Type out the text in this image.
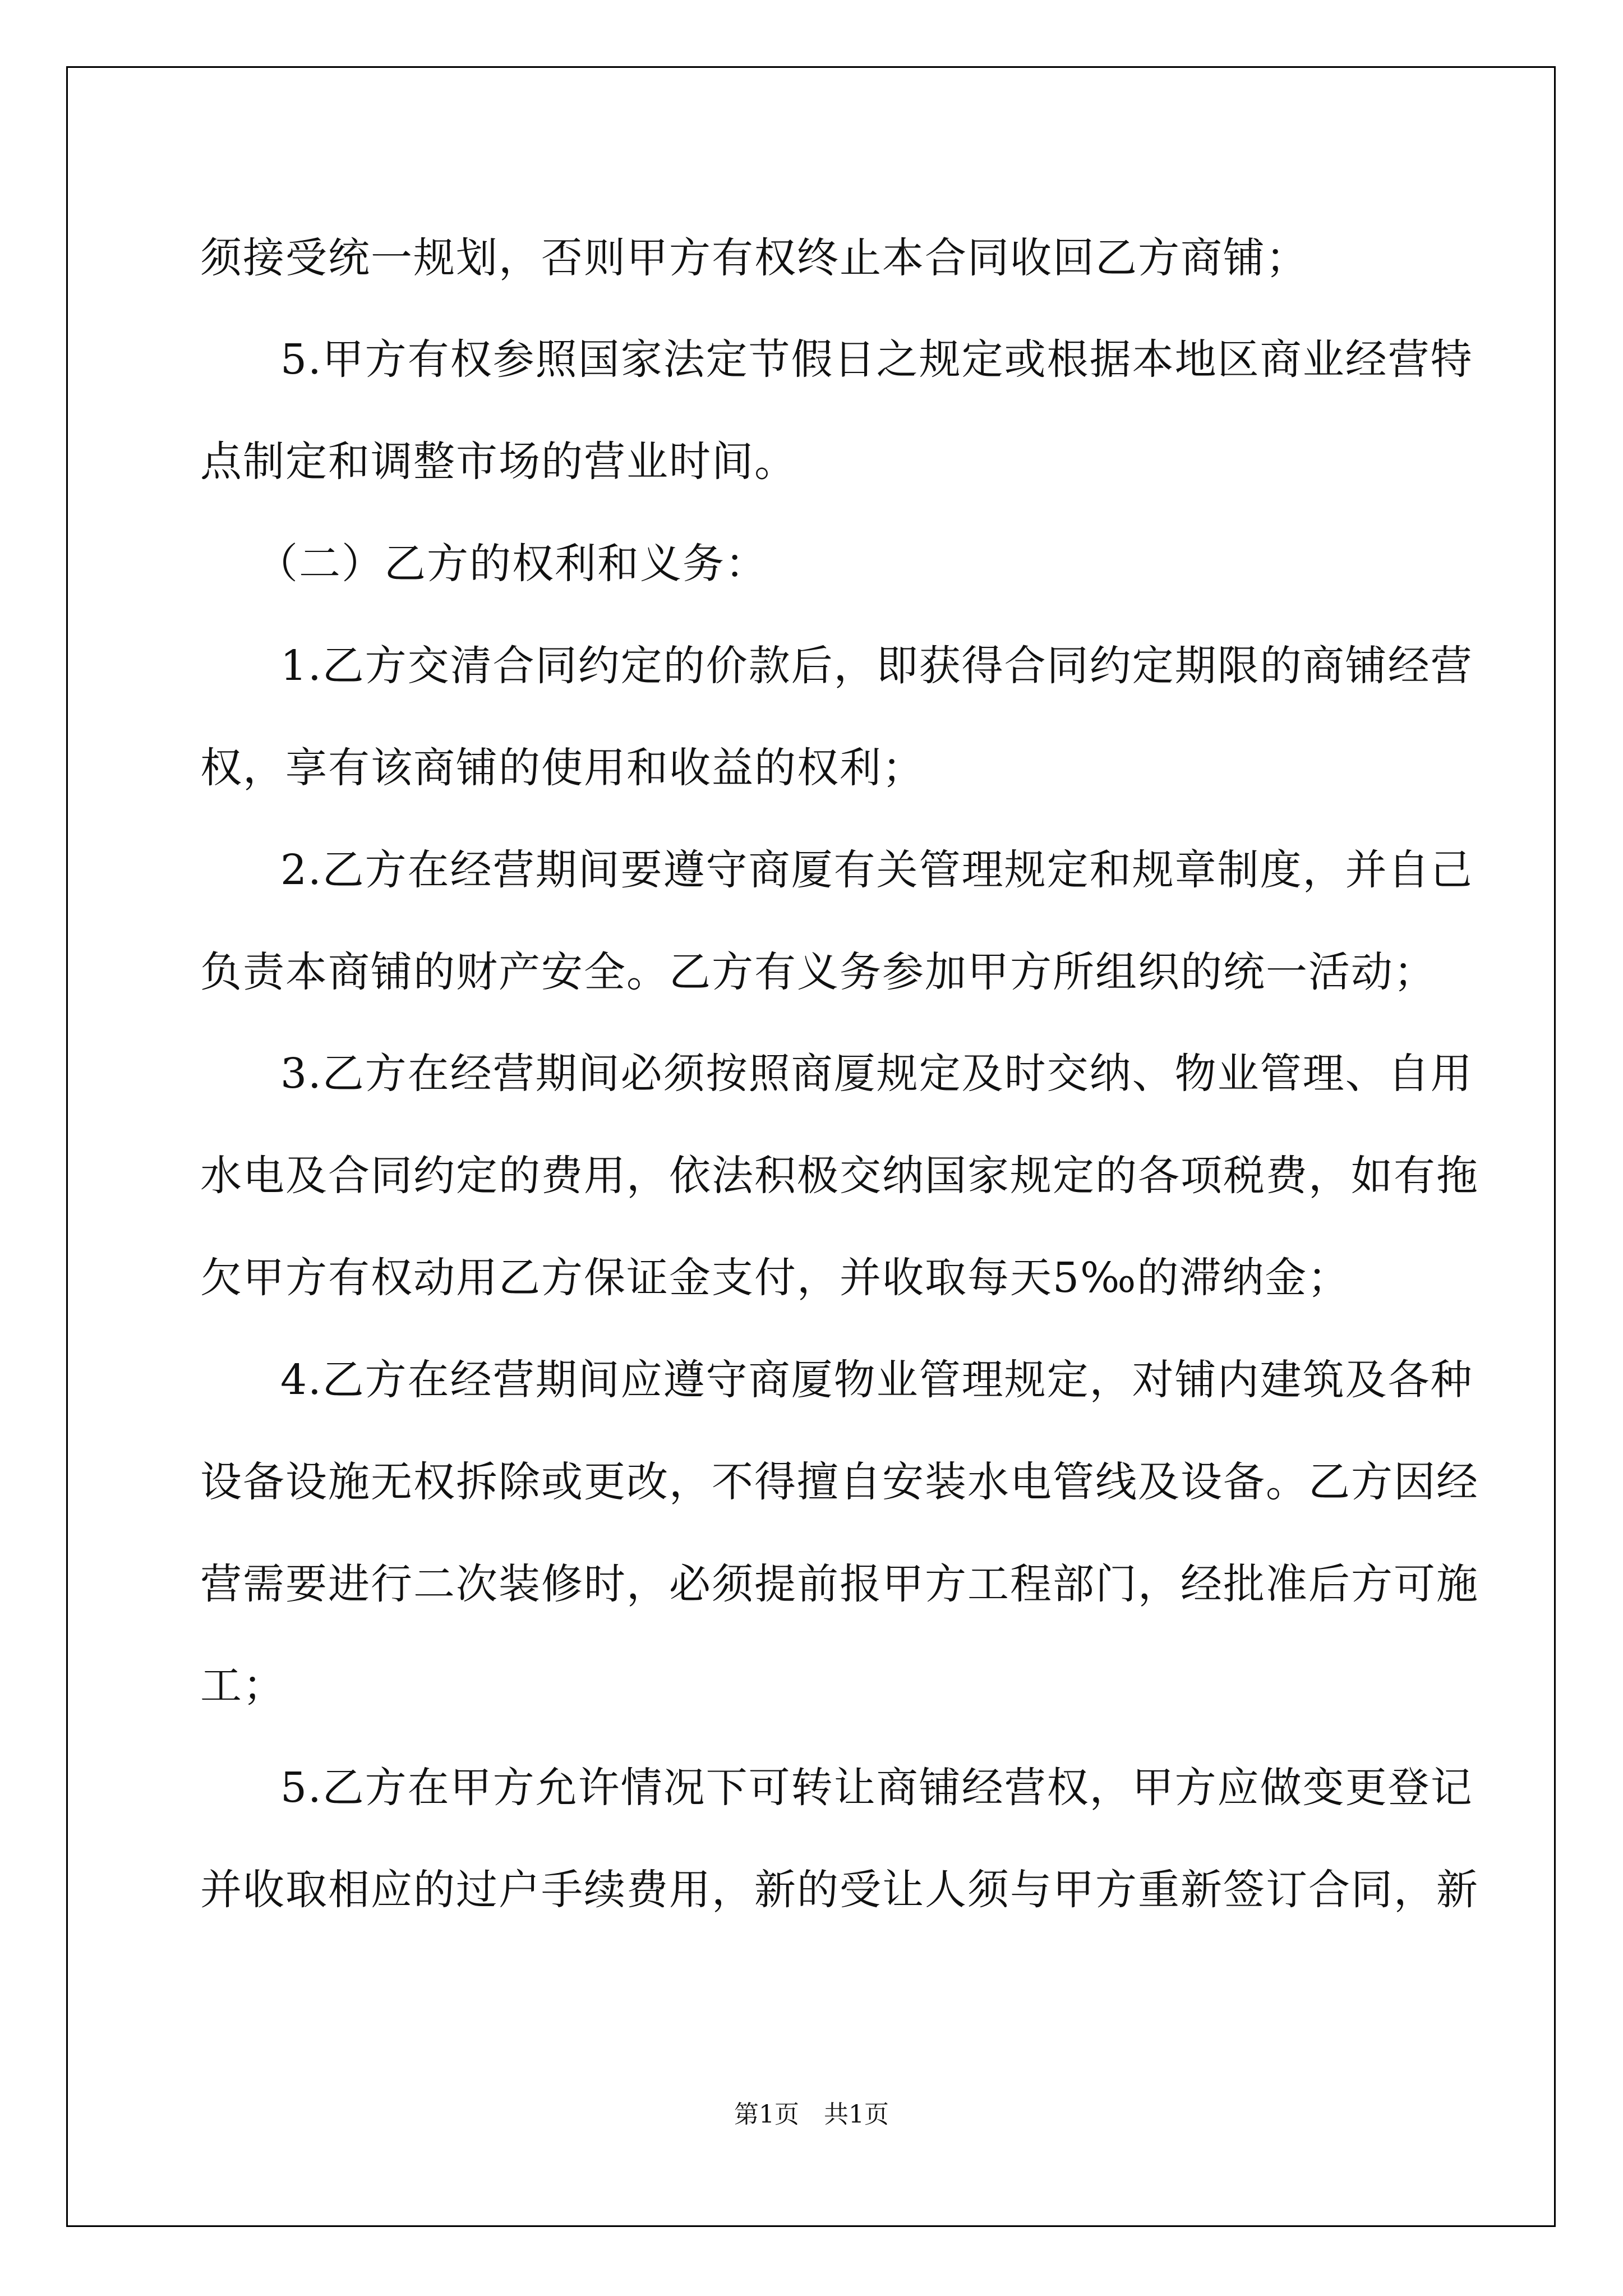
须接受统一规划，否则甲方有权终止本合同收回乙方商铺；
5.甲方有权参照国家法定节假日之规定或根据本地区商业经营特
点制定和调整市场的营业时间。
（二）乙方的权利和义务：
1.乙方交清合同约定的价款后，即获得合同约定期限的商铺经营
权，享有该商铺的使用和收益的权利；
2.乙方在经营期间要遵守商厦有关管理规定和规章制度，并自己
负责本商铺的财产安全。乙方有义务参加甲方所组织的统一活动；
3.乙方在经营期间必须按照商厦规定及时交纳、物业管理、自用
水电及合同约定的费用，依法积极交纳国家规定的各项税费，如有拖
欠甲方有权动用乙方保证金支付，并收取每天5‰的滞纳金；
4.乙方在经营期间应遵守商厦物业管理规定，对铺内建筑及各种
设备设施无权拆除或更改，不得擅自安装水电管线及设备。乙方因经
营需要进行二次装修时，必须提前报甲方工程部门，经批准后方可施
工；
5.乙方在甲方允许情况下可转让商铺经营权，甲方应做变更登记
并收取相应的过户手续费用，新的受让人须与甲方重新签订合同，新
第1页　共1页
